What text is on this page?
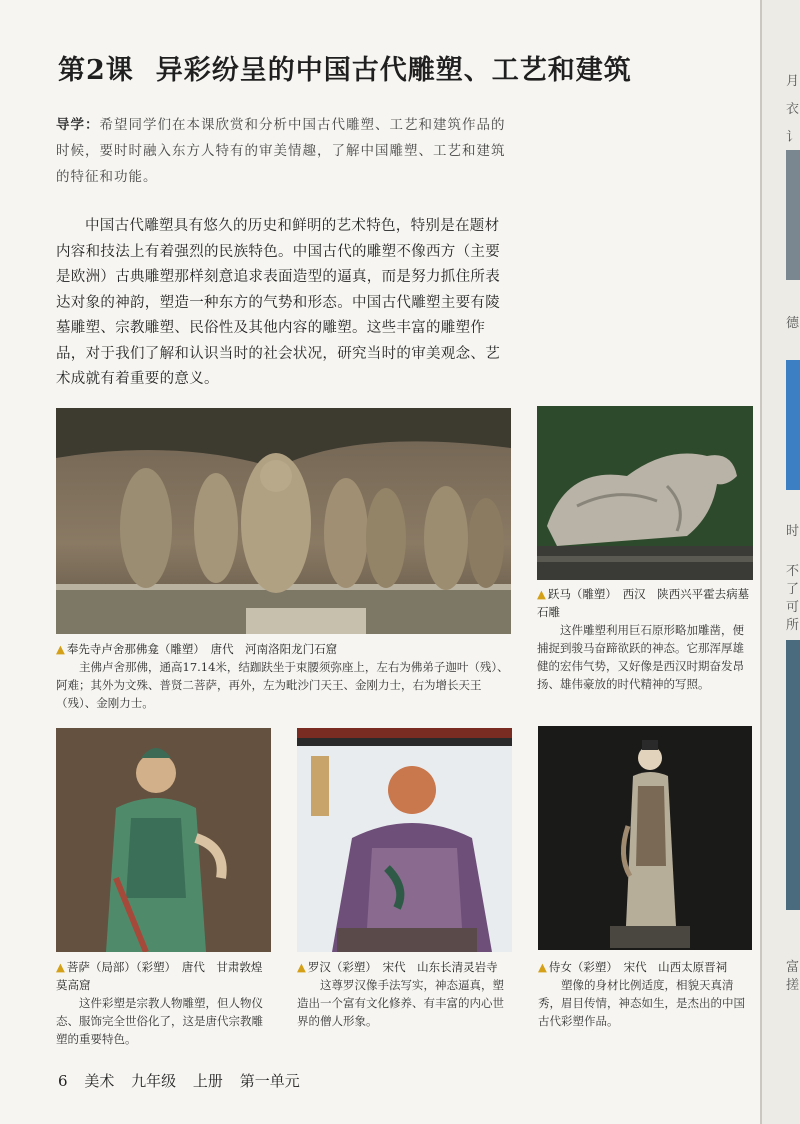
第2课 异彩纷呈的中国古代雕塑、工艺和建筑
导学：希望同学们在本课欣赏和分析中国古代雕塑、工艺和建筑作品的时候，要时时融入东方人特有的审美情趣，了解中国雕塑、工艺和建筑的特征和功能。
中国古代雕塑具有悠久的历史和鲜明的艺术特色，特别是在题材内容和技法上有着强烈的民族特色。中国古代的雕塑不像西方（主要是欧洲）古典雕塑那样刻意追求表面造型的逼真，而是努力抓住所表达对象的神韵，塑造一种东方的气势和形态。中国古代雕塑主要有陵墓雕塑、宗教雕塑、民俗性及其他内容的雕塑。这些丰富的雕塑作品，对于我们了解和认识当时的社会状况，研究当时的审美观念、艺术成就有着重要的意义。
▲ 奉先寺卢舍那佛龛（雕塑）　唐代　河南洛阳龙门石窟
主佛卢舍那佛，通高17.14米，结跏趺坐于束腰须弥座上，左右为佛弟子迦叶（残）、阿难；其外为文殊、普贤二菩萨，再外，左为毗沙门天王、金刚力士，右为增长天王（残）、金刚力士。
▲ 跃马（雕塑）　西汉　陕西兴平霍去病墓石雕
这件雕塑利用巨石原形略加雕凿，便捕捉到骏马奋蹄欲跃的神态。它那浑厚雄健的宏伟气势，又好像是西汉时期奋发昂扬、雄伟豪放的时代精神的写照。
▲ 菩萨（局部）（彩塑）　唐代　甘肃敦煌莫高窟
这件彩塑是宗教人物雕塑，但人物仪态、服饰完全世俗化了，这是唐代宗教雕塑的重要特色。
▲ 罗汉（彩塑）　宋代　山东长清灵岩寺
这尊罗汉像手法写实，神态逼真，塑造出一个富有文化修养、有丰富的内心世界的僧人形象。
▲ 侍女（彩塑）　宋代　山西太原晋祠
塑像的身材比例适度，相貌天真清秀，眉目传情，神态如生，是杰出的中国古代彩塑作品。
6 美术 九年级 上册 第一单元
月
衣
讠
德
时
不
了
可
所
富
搓
